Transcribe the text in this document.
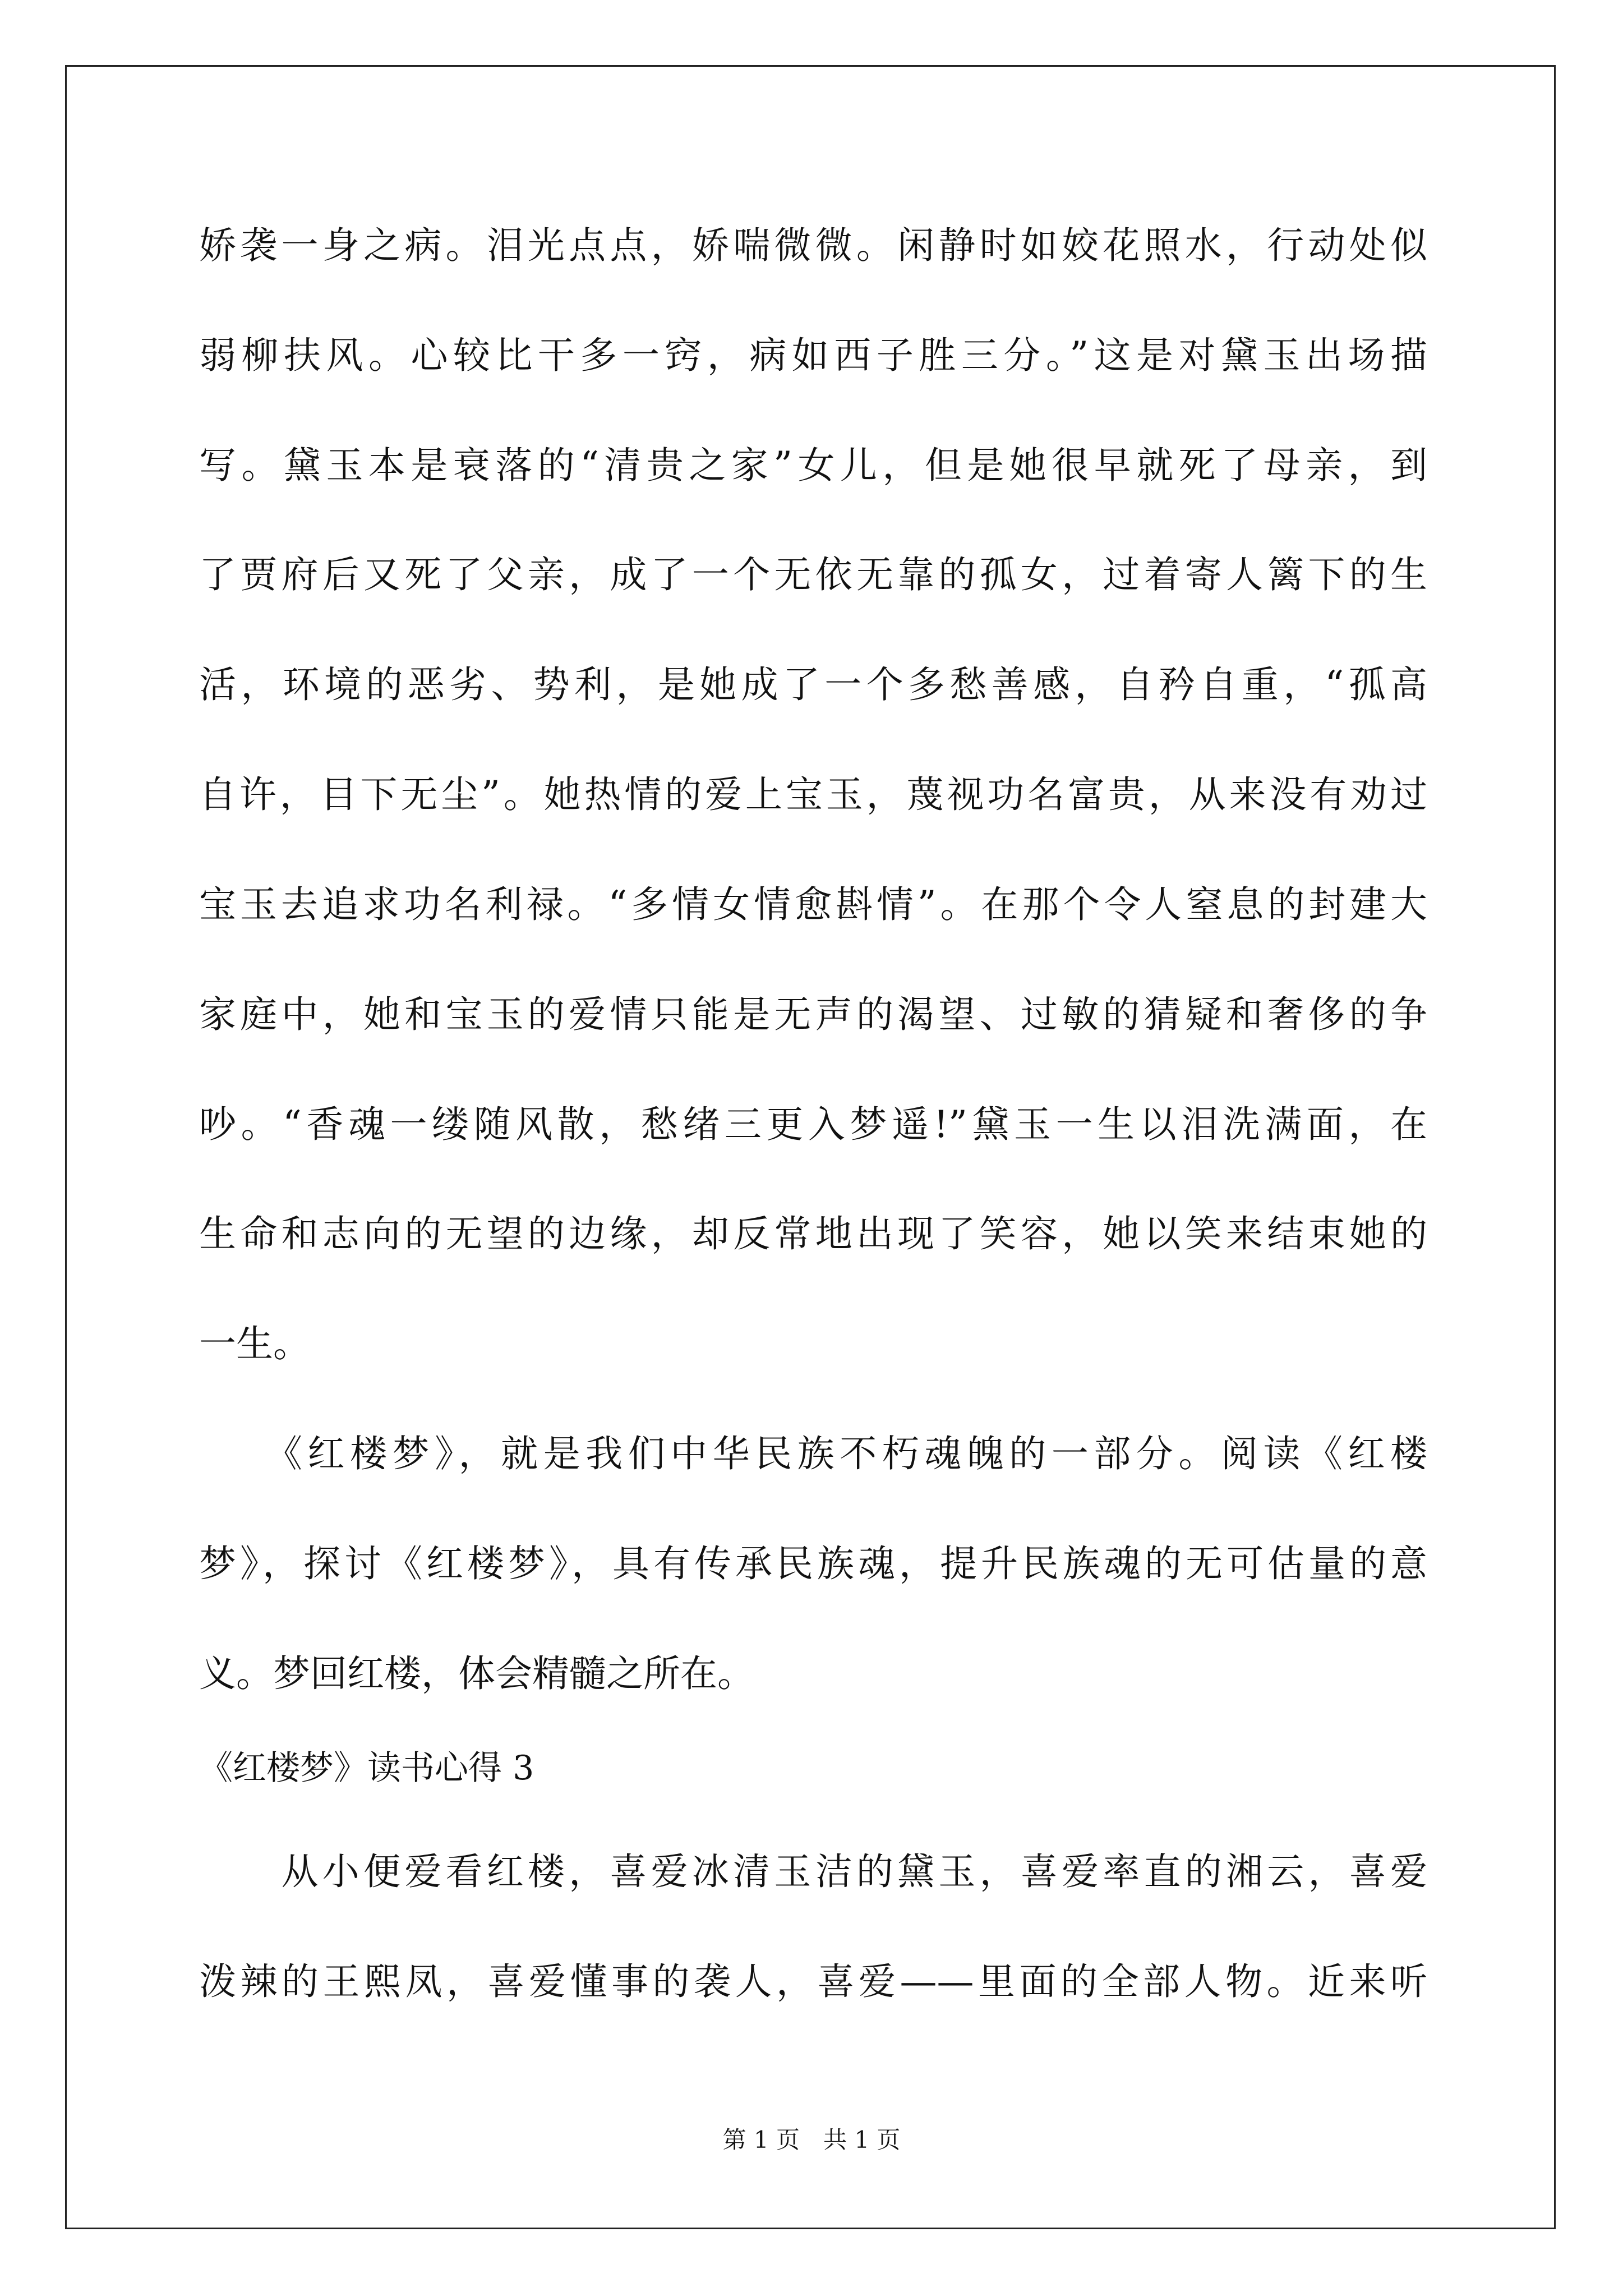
娇袭一身之病。泪光点点，娇喘微微。闲静时如姣花照水，行动处似
弱柳扶风。心较比干多一窍，病如西子胜三分。”这是对黛玉出场描
写。黛玉本是衰落的“清贵之家”女儿，但是她很早就死了母亲，到
了贾府后又死了父亲，成了一个无依无靠的孤女，过着寄人篱下的生
活，环境的恶劣、势利，是她成了一个多愁善感，自矜自重，“孤高
自许，目下无尘”。她热情的爱上宝玉，蔑视功名富贵，从来没有劝过
宝玉去追求功名利禄。“多情女情愈斟情”。在那个令人窒息的封建大
家庭中，她和宝玉的爱情只能是无声的渴望、过敏的猜疑和奢侈的争
吵。“香魂一缕随风散，愁绪三更入梦遥!”黛玉一生以泪洗满面，在
生命和志向的无望的边缘，却反常地出现了笑容，她以笑来结束她的
一生。
　　《红楼梦》，就是我们中华民族不朽魂魄的一部分。阅读《红楼
梦》，探讨《红楼梦》，具有传承民族魂，提升民族魂的无可估量的意
义。梦回红楼，体会精髓之所在。
《红楼梦》读书心得 3
　　从小便爱看红楼，喜爱冰清玉洁的黛玉，喜爱率直的湘云，喜爱
泼辣的王熙凤，喜爱懂事的袭人，喜爱——里面的全部人物。近来听
第 1 页　共 1 页
